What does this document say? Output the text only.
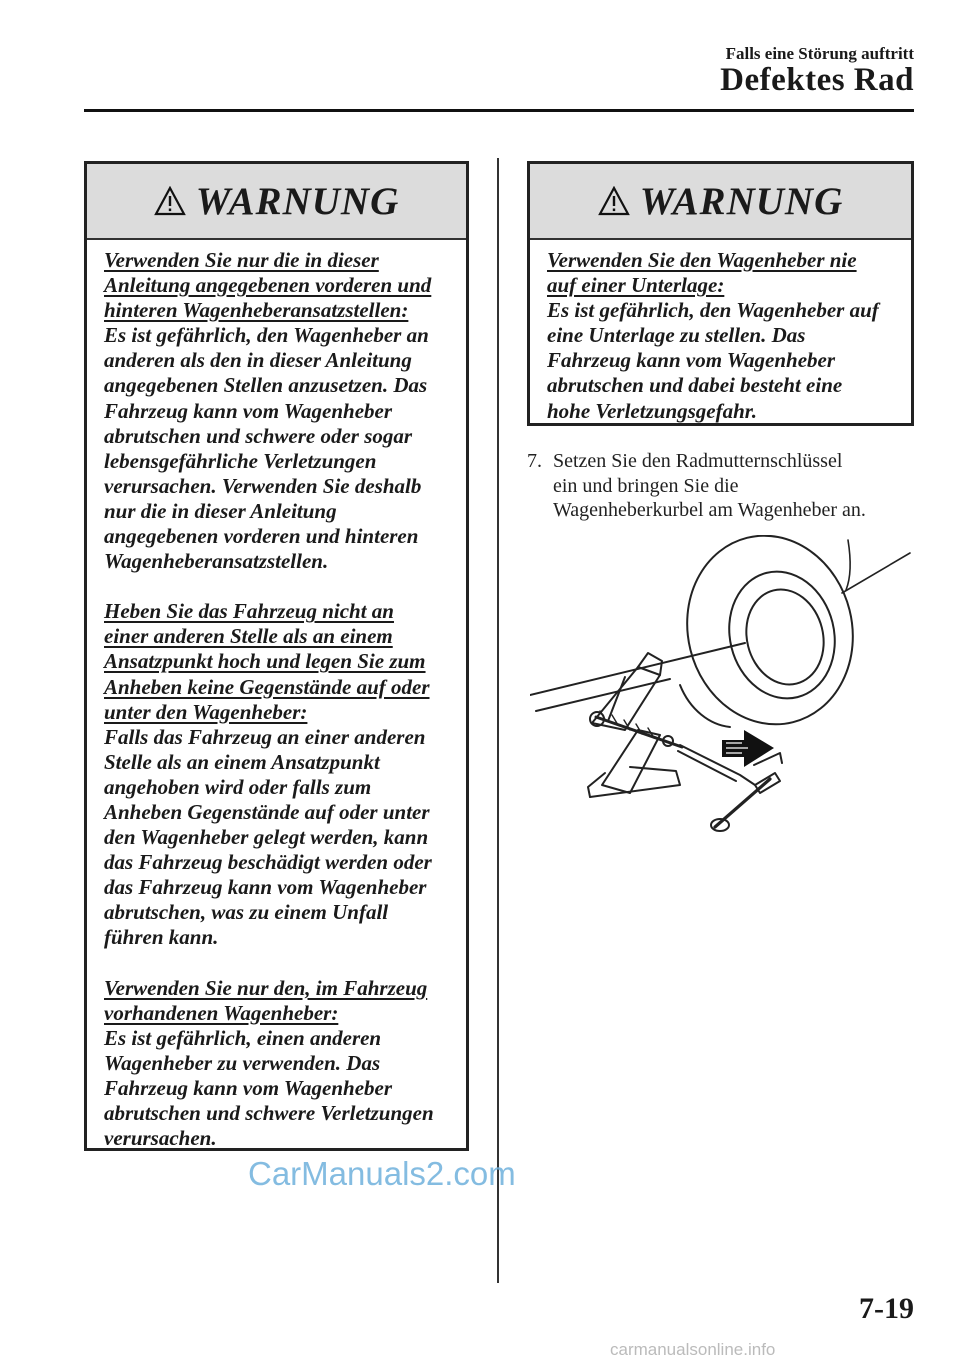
Falls eine Störung auftritt
Defektes Rad
WARNUNG

Verwenden Sie nur die in dieser

Anleitung angegebenen vorderen und

hinteren Wagenheberansatzstellen:

Es ist gefährlich, den Wagenheber an

anderen als den in dieser Anleitung

angegebenen Stellen anzusetzen. Das

Fahrzeug kann vom Wagenheber

abrutschen und schwere oder sogar

lebensgefährliche Verletzungen

verursachen. Verwenden Sie deshalb

nur die in dieser Anleitung

angegebenen vorderen und hinteren

Wagenheberansatzstellen.

Heben Sie das Fahrzeug nicht an

einer anderen Stelle als an einem

Ansatzpunkt hoch und legen Sie zum

Anheben keine Gegenstände auf oder

unter den Wagenheber:

Falls das Fahrzeug an einer anderen

Stelle als an einem Ansatzpunkt

angehoben wird oder falls zum

Anheben Gegenstände auf oder unter

den Wagenheber gelegt werden, kann

das Fahrzeug beschädigt werden oder

das Fahrzeug kann vom Wagenheber

abrutschen, was zu einem Unfall

führen kann.

Verwenden Sie nur den, im Fahrzeug

vorhandenen Wagenheber:

Es ist gefährlich, einen anderen

Wagenheber zu verwenden. Das

Fahrzeug kann vom Wagenheber

abrutschen und schwere Verletzungen

verursachen.

WARNUNG

Verwenden Sie den Wagenheber nie

auf einer Unterlage:

Es ist gefährlich, den Wagenheber auf

eine Unterlage zu stellen. Das

Fahrzeug kann vom Wagenheber

abrutschen und dabei besteht eine

hohe Verletzungsgefahr.

7. Setzen Sie den Radmutternschlüssel
ein und bringen Sie die
Wagenheberkurbel am Wagenheber an.
CarManuals2.com
7-19
carmanualsonline.info
